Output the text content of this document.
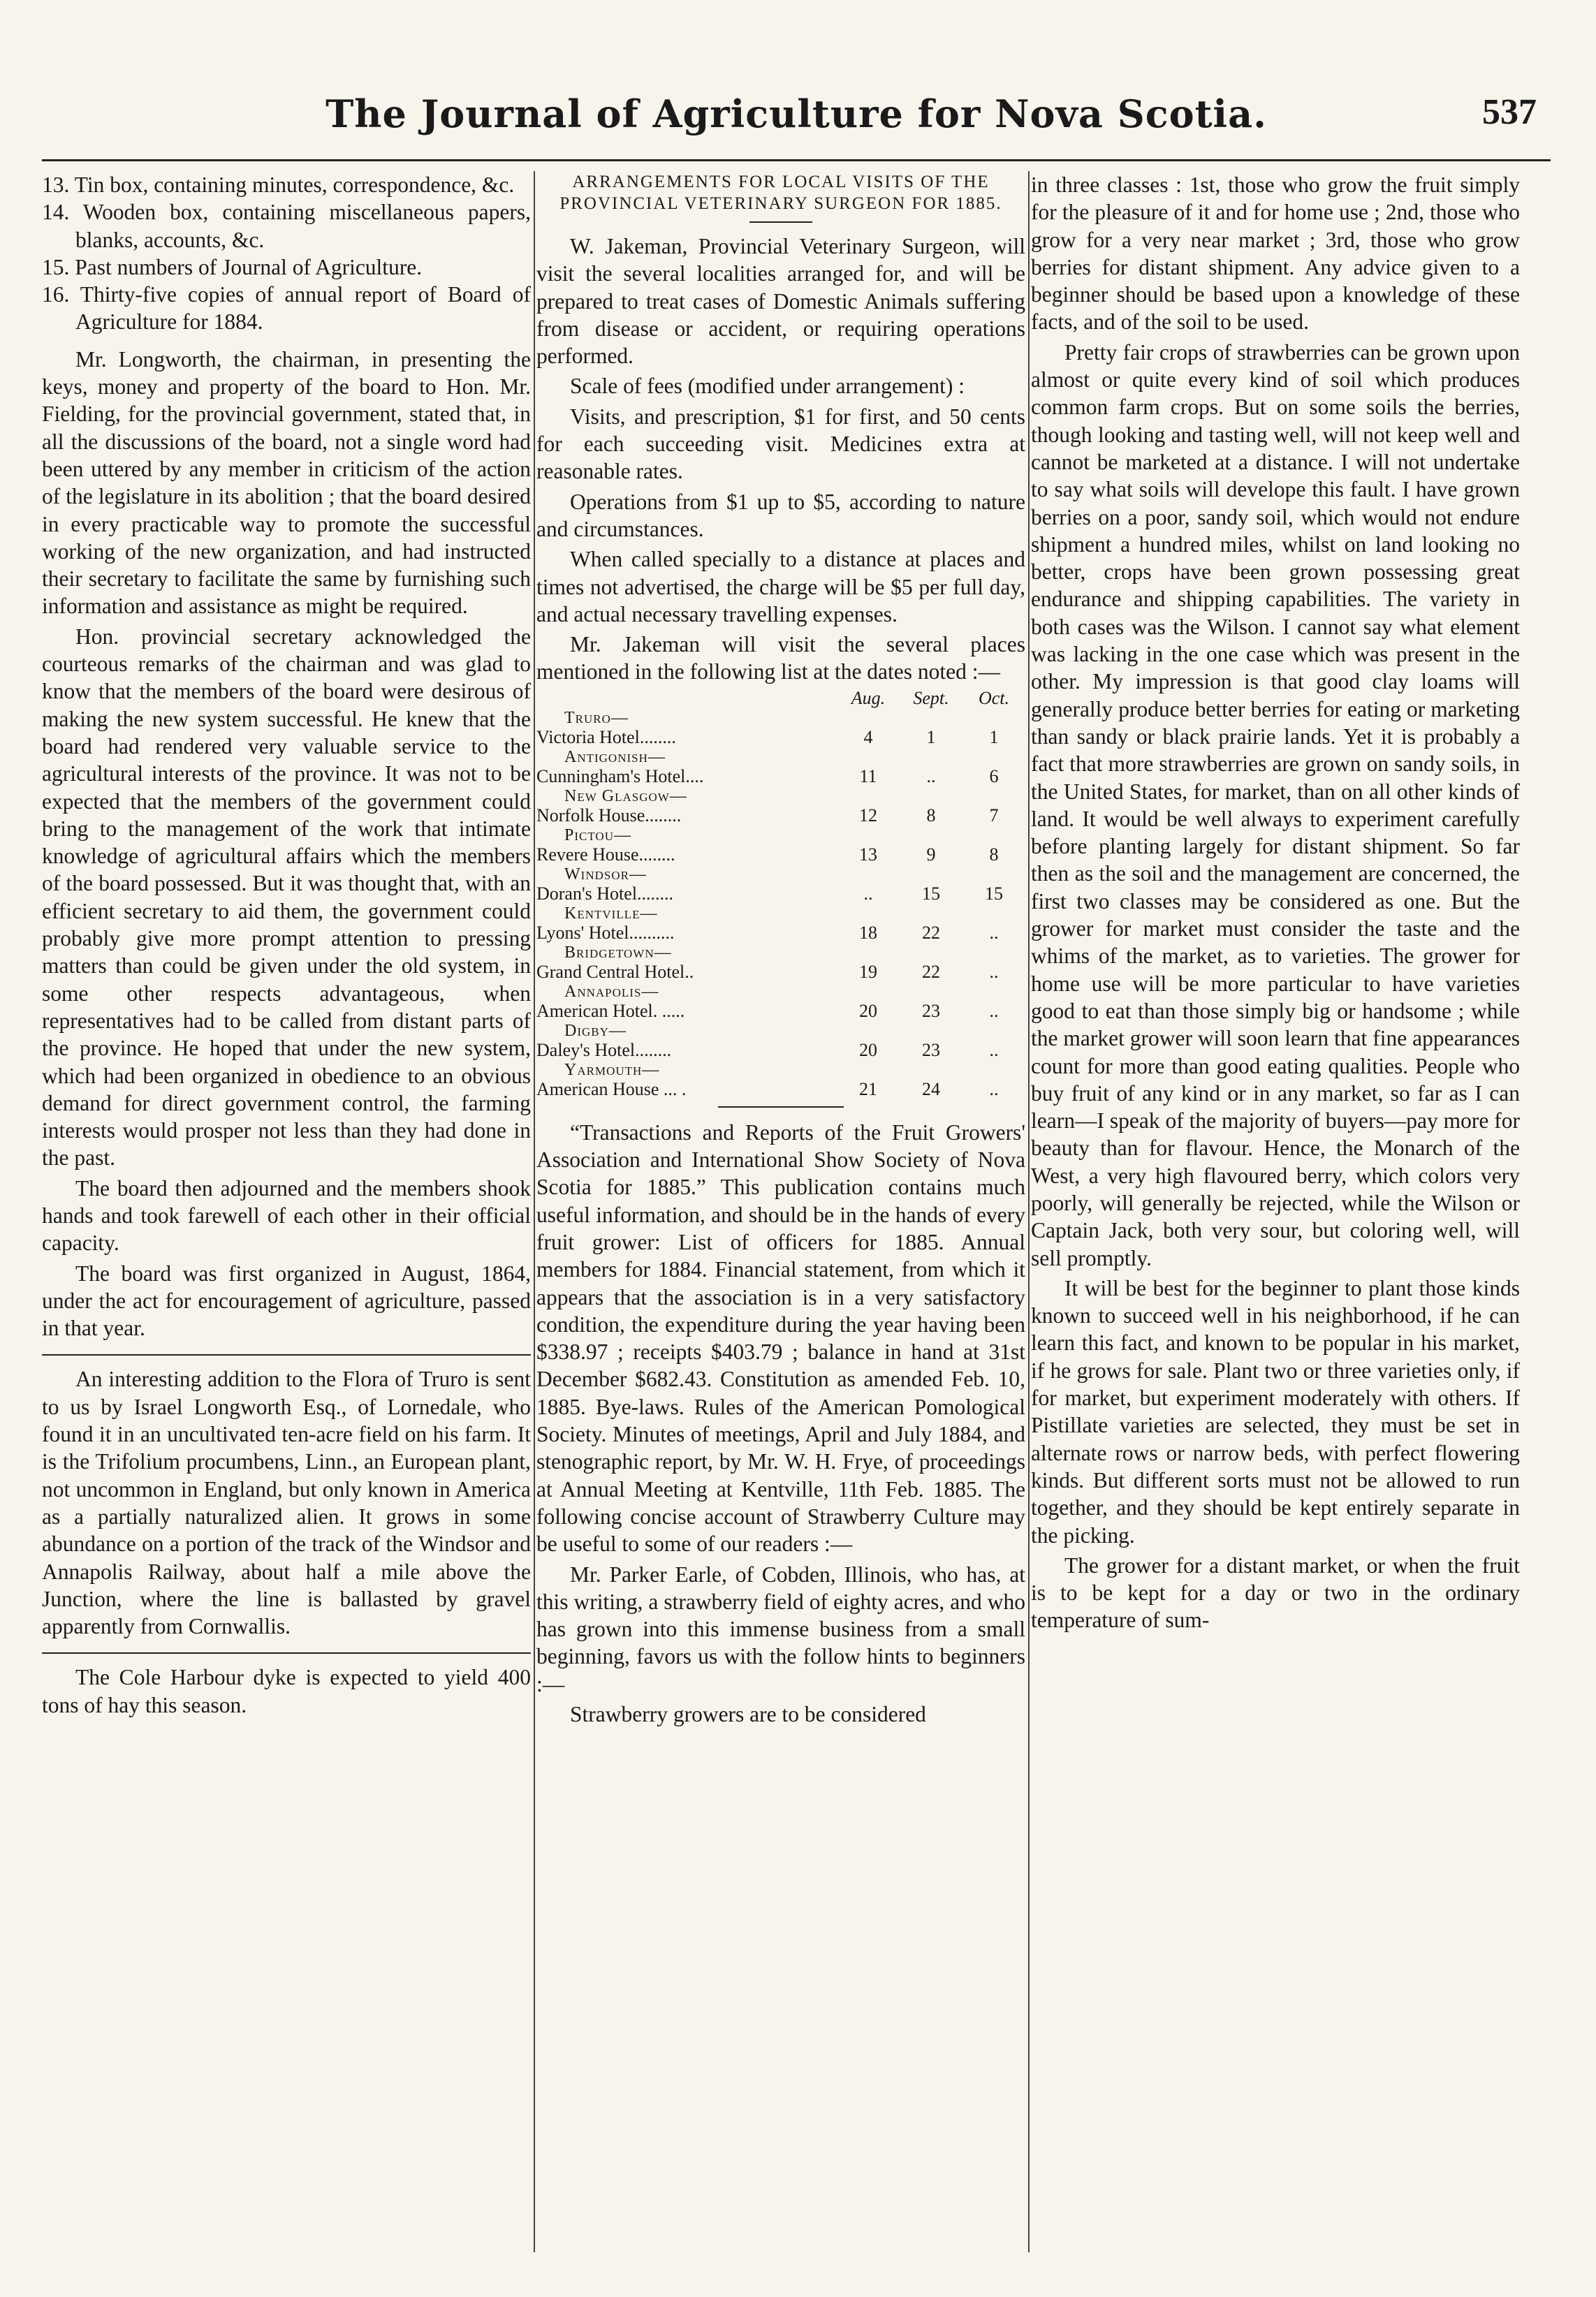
The Journal of Agriculture for Nova Scotia.	537

13. Tin box, containing minutes, correspondence, &c.

14. Wooden box, containing miscellaneous papers, blanks, accounts, &c.

15. Past numbers of Journal of Agriculture.

16. Thirty-five copies of annual report of Board of Agriculture for 1884.

Mr. Longworth, the chairman, in presenting the keys, money and property of the board to Hon. Mr. Fielding, for the provincial government, stated that, in all the discussions of the board, not a single word had been uttered by any member in criticism of the action of the legislature in its abolition ; that the board desired in every practicable way to promote the successful working of the new organization, and had instructed their secretary to facilitate the same by furnishing such information and assistance as might be required.

Hon. provincial secretary acknowledged the courteous remarks of the chairman and was glad to know that the members of the board were desirous of making the new system successful. He knew that the board had rendered very valuable service to the agricultural interests of the province. It was not to be expected that the members of the government could bring to the management of the work that intimate knowledge of agricultural affairs which the members of the board possessed. But it was thought that, with an efficient secretary to aid them, the government could probably give more prompt attention to pressing matters than could be given under the old system, in some other respects advantageous, when representatives had to be called from distant parts of the province. He hoped that under the new system, which had been organized in obedience to an obvious demand for direct government control, the farming interests would prosper not less than they had done in the past.

The board then adjourned and the members shook hands and took farewell of each other in their official capacity.

The board was first organized in August, 1864, under the act for encouragement of agriculture, passed in that year.

An interesting addition to the Flora of Truro is sent to us by Israel Longworth Esq., of Lornedale, who found it in an uncultivated ten-acre field on his farm. It is the Trifolium procumbens, Linn., an European plant, not uncommon in England, but only known in America as a partially naturalized alien. It grows in some abundance on a portion of the track of the Windsor and Annapolis Railway, about half a mile above the Junction, where the line is ballasted by gravel apparently from Cornwallis.

The Cole Harbour dyke is expected to yield 400 tons of hay this season.

ARRANGEMENTS FOR LOCAL VISITS OF THE PROVINCIAL VETERINARY SURGEON FOR 1885.

W. Jakeman, Provincial Veterinary Surgeon, will visit the several localities arranged for, and will be prepared to treat cases of Domestic Animals suffering from disease or accident, or requiring operations performed.

Scale of fees (modified under arrangement) :

Visits, and prescription, $1 for first, and 50 cents for each succeeding visit. Medicines extra at reasonable rates.

Operations from $1 up to $5, according to nature and circumstances.

When called specially to a distance at places and times not advertised, the charge will be $5 per full day, and actual necessary travelling expenses.

Mr. Jakeman will visit the several places mentioned in the following list at the dates noted :—

Aug.	Sept.	Oct.
Truro—
Victoria Hotel........	4	1	1
Antigonish—
Cunningham's Hotel....	11	..	6
New Glasgow—
Norfolk House........	12	8	7
Pictou—
Revere House........	13	9	8
Windsor—
Doran's Hotel........	..	15	15
Kentville—
Lyons' Hotel..........	18	22	..
Bridgetown—
Grand Central Hotel..	19	22	..
Annapolis—
American Hotel. .....	20	23	..
Digby—
Daley's Hotel........	20	23	..
Yarmouth—
American House ... .	21	24	..

“Transactions and Reports of the Fruit Growers' Association and International Show Society of Nova Scotia for 1885.” This publication contains much useful information, and should be in the hands of every fruit grower: List of officers for 1885. Annual members for 1884. Financial statement, from which it appears that the association is in a very satisfactory condition, the expenditure during the year having been $338.97 ; receipts $403.79 ; balance in hand at 31st December $682.43. Constitution as amended Feb. 10, 1885. Bye-laws. Rules of the American Pomological Society. Minutes of meetings, April and July 1884, and stenographic report, by Mr. W. H. Frye, of proceedings at Annual Meeting at Kentville, 11th Feb. 1885. The following concise account of Strawberry Culture may be useful to some of our readers :—

Mr. Parker Earle, of Cobden, Illinois, who has, at this writing, a strawberry field of eighty acres, and who has grown into this immense business from a small beginning, favors us with the follow hints to beginners :—

Strawberry growers are to be considered

in three classes : 1st, those who grow the fruit simply for the pleasure of it and for home use ; 2nd, those who grow for a very near market ; 3rd, those who grow berries for distant shipment. Any advice given to a beginner should be based upon a knowledge of these facts, and of the soil to be used.

Pretty fair crops of strawberries can be grown upon almost or quite every kind of soil which produces common farm crops. But on some soils the berries, though looking and tasting well, will not keep well and cannot be marketed at a distance. I will not undertake to say what soils will develope this fault. I have grown berries on a poor, sandy soil, which would not endure shipment a hundred miles, whilst on land looking no better, crops have been grown possessing great endurance and shipping capabilities. The variety in both cases was the Wilson. I cannot say what element was lacking in the one case which was present in the other. My impression is that good clay loams will generally produce better berries for eating or marketing than sandy or black prairie lands. Yet it is probably a fact that more strawberries are grown on sandy soils, in the United States, for market, than on all other kinds of land. It would be well always to experiment carefully before planting largely for distant shipment. So far then as the soil and the management are concerned, the first two classes may be considered as one. But the grower for market must consider the taste and the whims of the market, as to varieties. The grower for home use will be more particular to have varieties good to eat than those simply big or handsome ; while the market grower will soon learn that fine appearances count for more than good eating qualities. People who buy fruit of any kind or in any market, so far as I can learn—I speak of the majority of buyers—pay more for beauty than for flavour. Hence, the Monarch of the West, a very high flavoured berry, which colors very poorly, will generally be rejected, while the Wilson or Captain Jack, both very sour, but coloring well, will sell promptly.

It will be best for the beginner to plant those kinds known to succeed well in his neighborhood, if he can learn this fact, and known to be popular in his market, if he grows for sale. Plant two or three varieties only, if for market, but experiment moderately with others. If Pistillate varieties are selected, they must be set in alternate rows or narrow beds, with perfect flowering kinds. But different sorts must not be allowed to run together, and they should be kept entirely separate in the picking.

The grower for a distant market, or when the fruit is to be kept for a day or two in the ordinary temperature of sum-
